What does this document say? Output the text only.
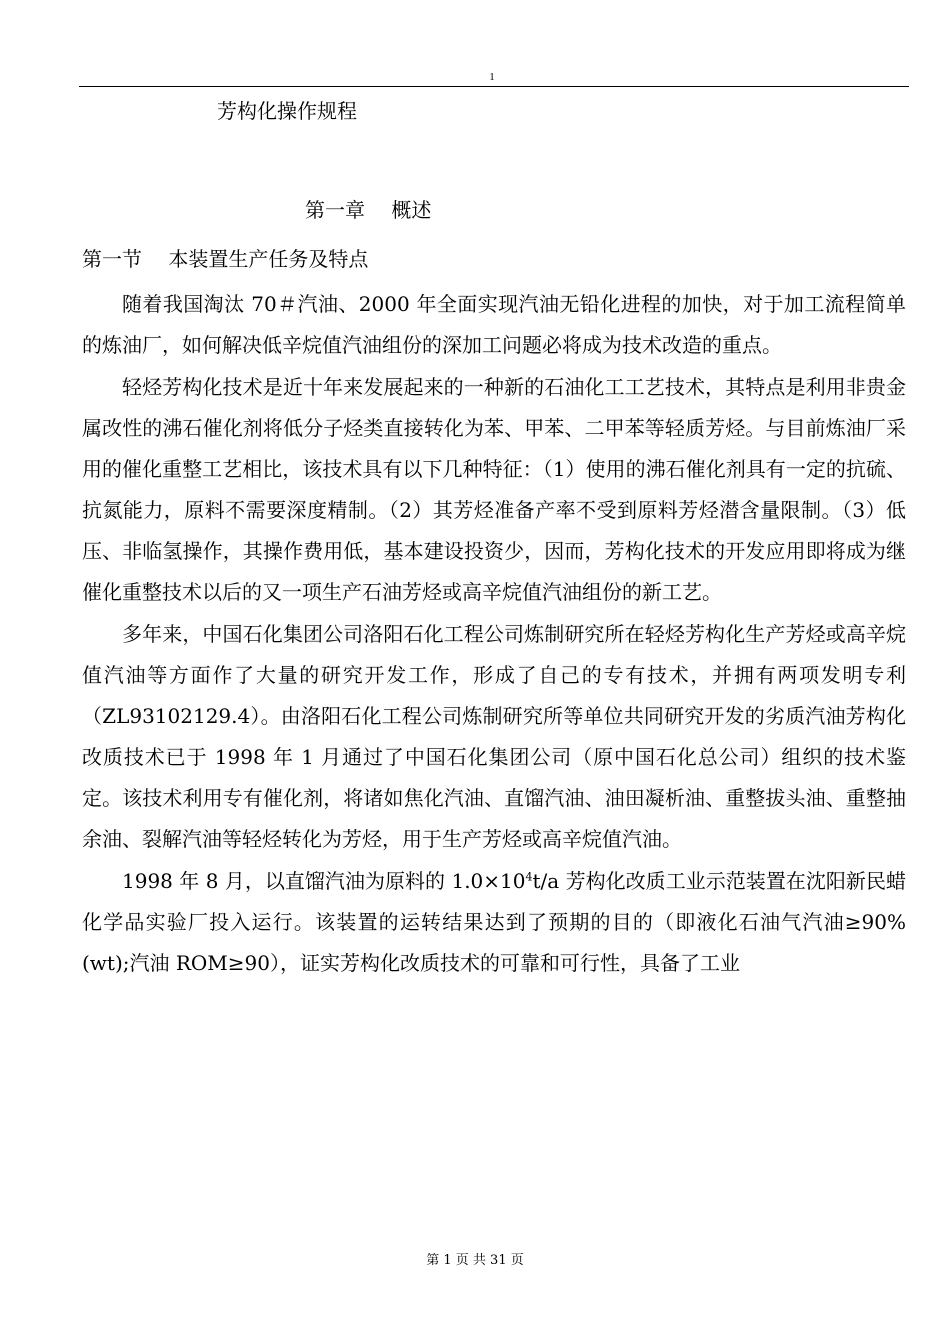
1
芳构化操作规程
第一章　 概述
第一节　 本装置生产任务及特点

随着我国淘汰 70＃汽油、2000 年全面实现汽油无铅化进程的加快，对于加工流程简单的炼油厂，如何解决低辛烷值汽油组份的深加工问题必将成为技术改造的重点。

轻烃芳构化技术是近十年来发展起来的一种新的石油化工工艺技术，其特点是利用非贵金属改性的沸石催化剂将低分子烃类直接转化为苯、甲苯、二甲苯等轻质芳烃。与目前炼油厂采用的催化重整工艺相比，该技术具有以下几种特征：（1）使用的沸石催化剂具有一定的抗硫、抗氮能力，原料不需要深度精制。（2）其芳烃准备产率不受到原料芳烃潜含量限制。（3）低压、非临氢操作，其操作费用低，基本建设投资少，因而，芳构化技术的开发应用即将成为继催化重整技术以后的又一项生产石油芳烃或高辛烷值汽油组份的新工艺。

多年来，中国石化集团公司洛阳石化工程公司炼制研究所在轻烃芳构化生产芳烃或高辛烷值汽油等方面作了大量的研究开发工作，形成了自己的专有技术，并拥有两项发明专利（ZL93102129.4）。由洛阳石化工程公司炼制研究所等单位共同研究开发的劣质汽油芳构化改质技术已于 1998 年 1 月通过了中国石化集团公司（原中国石化总公司）组织的技术鉴定。该技术利用专有催化剂，将诸如焦化汽油、直馏汽油、油田凝析油、重整拔头油、重整抽余油、裂解汽油等轻烃转化为芳烃，用于生产芳烃或高辛烷值汽油。

1998 年 8 月，以直馏汽油为原料的 $1.0\times 10^4t/a$ 芳构化改质工业示范装置在沈阳新民蜡化学品实验厂投入运行。该装置的运转结果达到了预期的目的（即液化石油气汽油≥90%(wt);汽油 ROM≥90），证实芳构化改质技术的可靠和可行性，具备了工业

第 1 页 共 31 页
